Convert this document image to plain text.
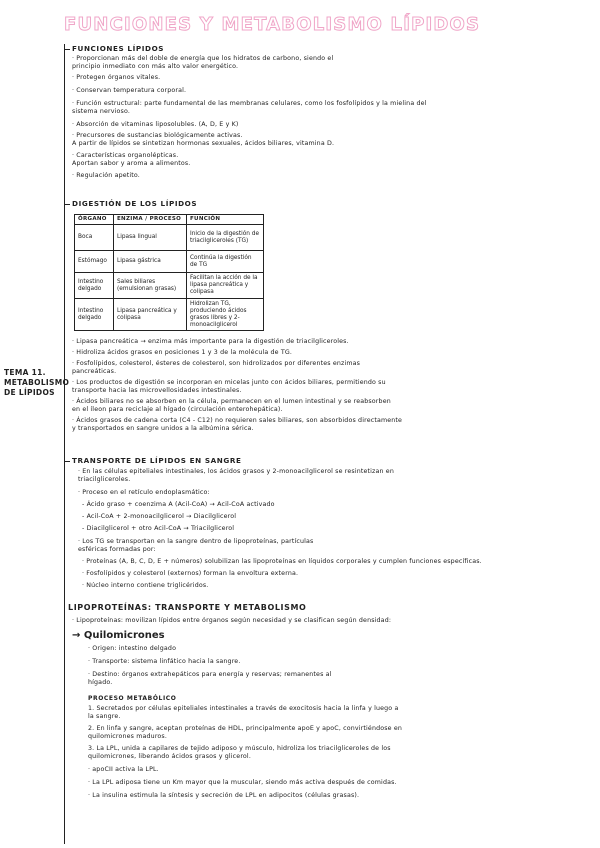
FUNCIONES Y METABOLISMO LÍPIDOS
TEMA 11.
METABOLISMO
DE LÍPIDOS
FUNCIONES LÍPIDOS
· Proporcionan más del doble de energía que los hidratos de carbono, siendo el
principio inmediato con más alto valor energético.
· Protegen órganos vitales.
· Conservan temperatura corporal.
· Función estructural: parte fundamental de las membranas celulares, como los fosfolípidos y la mielina del
sistema nervioso.
· Absorción de vitaminas liposolubles. (A, D, E y K)
· Precursores de sustancias biológicamente activas.
A partir de lípidos se sintetizan hormonas sexuales, ácidos biliares, vitamina D.
· Características organolépticas.
Aportan sabor y aroma a alimentos.
· Regulación apetito.
DIGESTIÓN DE LOS LÍPIDOS
ÓRGANO	ENZIMA / PROCESO	FUNCIÓN
Boca	Lipasa lingual	Inicio de la digestión de triacilgliceroles (TG)
Estómago	Lipasa gástrica	Continúa la digestión de TG
Intestino delgado	Sales biliares (emulsionan grasas)	Facilitan la acción de la lipasa pancreática y colipasa
Intestino delgado	Lipasa pancreática y colipasa	Hidrolizan TG, produciendo ácidos grasos libres y 2-monoacilglicerol
· Lipasa pancreática → enzima más importante para la digestión de triacilgliceroles.
· Hidroliza ácidos grasos en posiciones 1 y 3 de la molécula de TG.
· Fosfolípidos, colesterol, ésteres de colesterol, son hidrolizados por diferentes enzimas
pancreáticas.
· Los productos de digestión se incorporan en micelas junto con ácidos biliares, permitiendo su
transporte hacia las microvellosidades intestinales.
· Ácidos biliares no se absorben en la célula, permanecen en el lumen intestinal y se reabsorben
en el íleon para reciclaje al hígado (circulación enterohepática).
· Ácidos grasos de cadena corta (C4 - C12) no requieren sales biliares, son absorbidos directamente
y transportados en sangre unidos a la albúmina sérica.
TRANSPORTE DE LÍPIDOS EN SANGRE
· En las células epiteliales intestinales, los ácidos grasos y 2-monoacilglicerol se resintetizan en
triacilgliceroles.
· Proceso en el retículo endoplasmático:
- Ácido graso + coenzima A (Acil-CoA) → Acil-CoA activado
- Acil-CoA + 2-monoacilglicerol → Diacilglicerol
- Diacilglicerol + otro Acil-CoA → Triacilglicerol
· Los TG se transportan en la sangre dentro de lipoproteínas, partículas
esféricas formadas por:
· Proteínas (A, B, C, D, E + números) solubilizan las lipoproteínas en líquidos corporales y cumplen funciones específicas.
· Fosfolípidos y colesterol (externos) forman la envoltura externa.
· Núcleo interno contiene triglicéridos.
LIPOPROTEÍNAS: TRANSPORTE Y METABOLISMO
· Lipoproteínas: movilizan lípidos entre órganos según necesidad y se clasifican según densidad:
→ Quilomicrones
· Origen: intestino delgado
· Transporte: sistema linfático hacia la sangre.
· Destino: órganos extrahepáticos para energía y reservas; remanentes al
hígado.
PROCESO METABÓLICO
1. Secretados por células epiteliales intestinales a través de exocitosis hacia la linfa y luego a
la sangre.
2. En linfa y sangre, aceptan proteínas de HDL, principalmente apoE y apoC, convirtiéndose en
quilomicrones maduros.
3. La LPL, unida a capilares de tejido adiposo y músculo, hidroliza los triacilgliceroles de los
quilomicrones, liberando ácidos grasos y glicerol.
· apoCII activa la LPL.
· La LPL adiposa tiene un Km mayor que la muscular, siendo más activa después de comidas.
· La insulina estimula la síntesis y secreción de LPL en adipocitos (células grasas).
